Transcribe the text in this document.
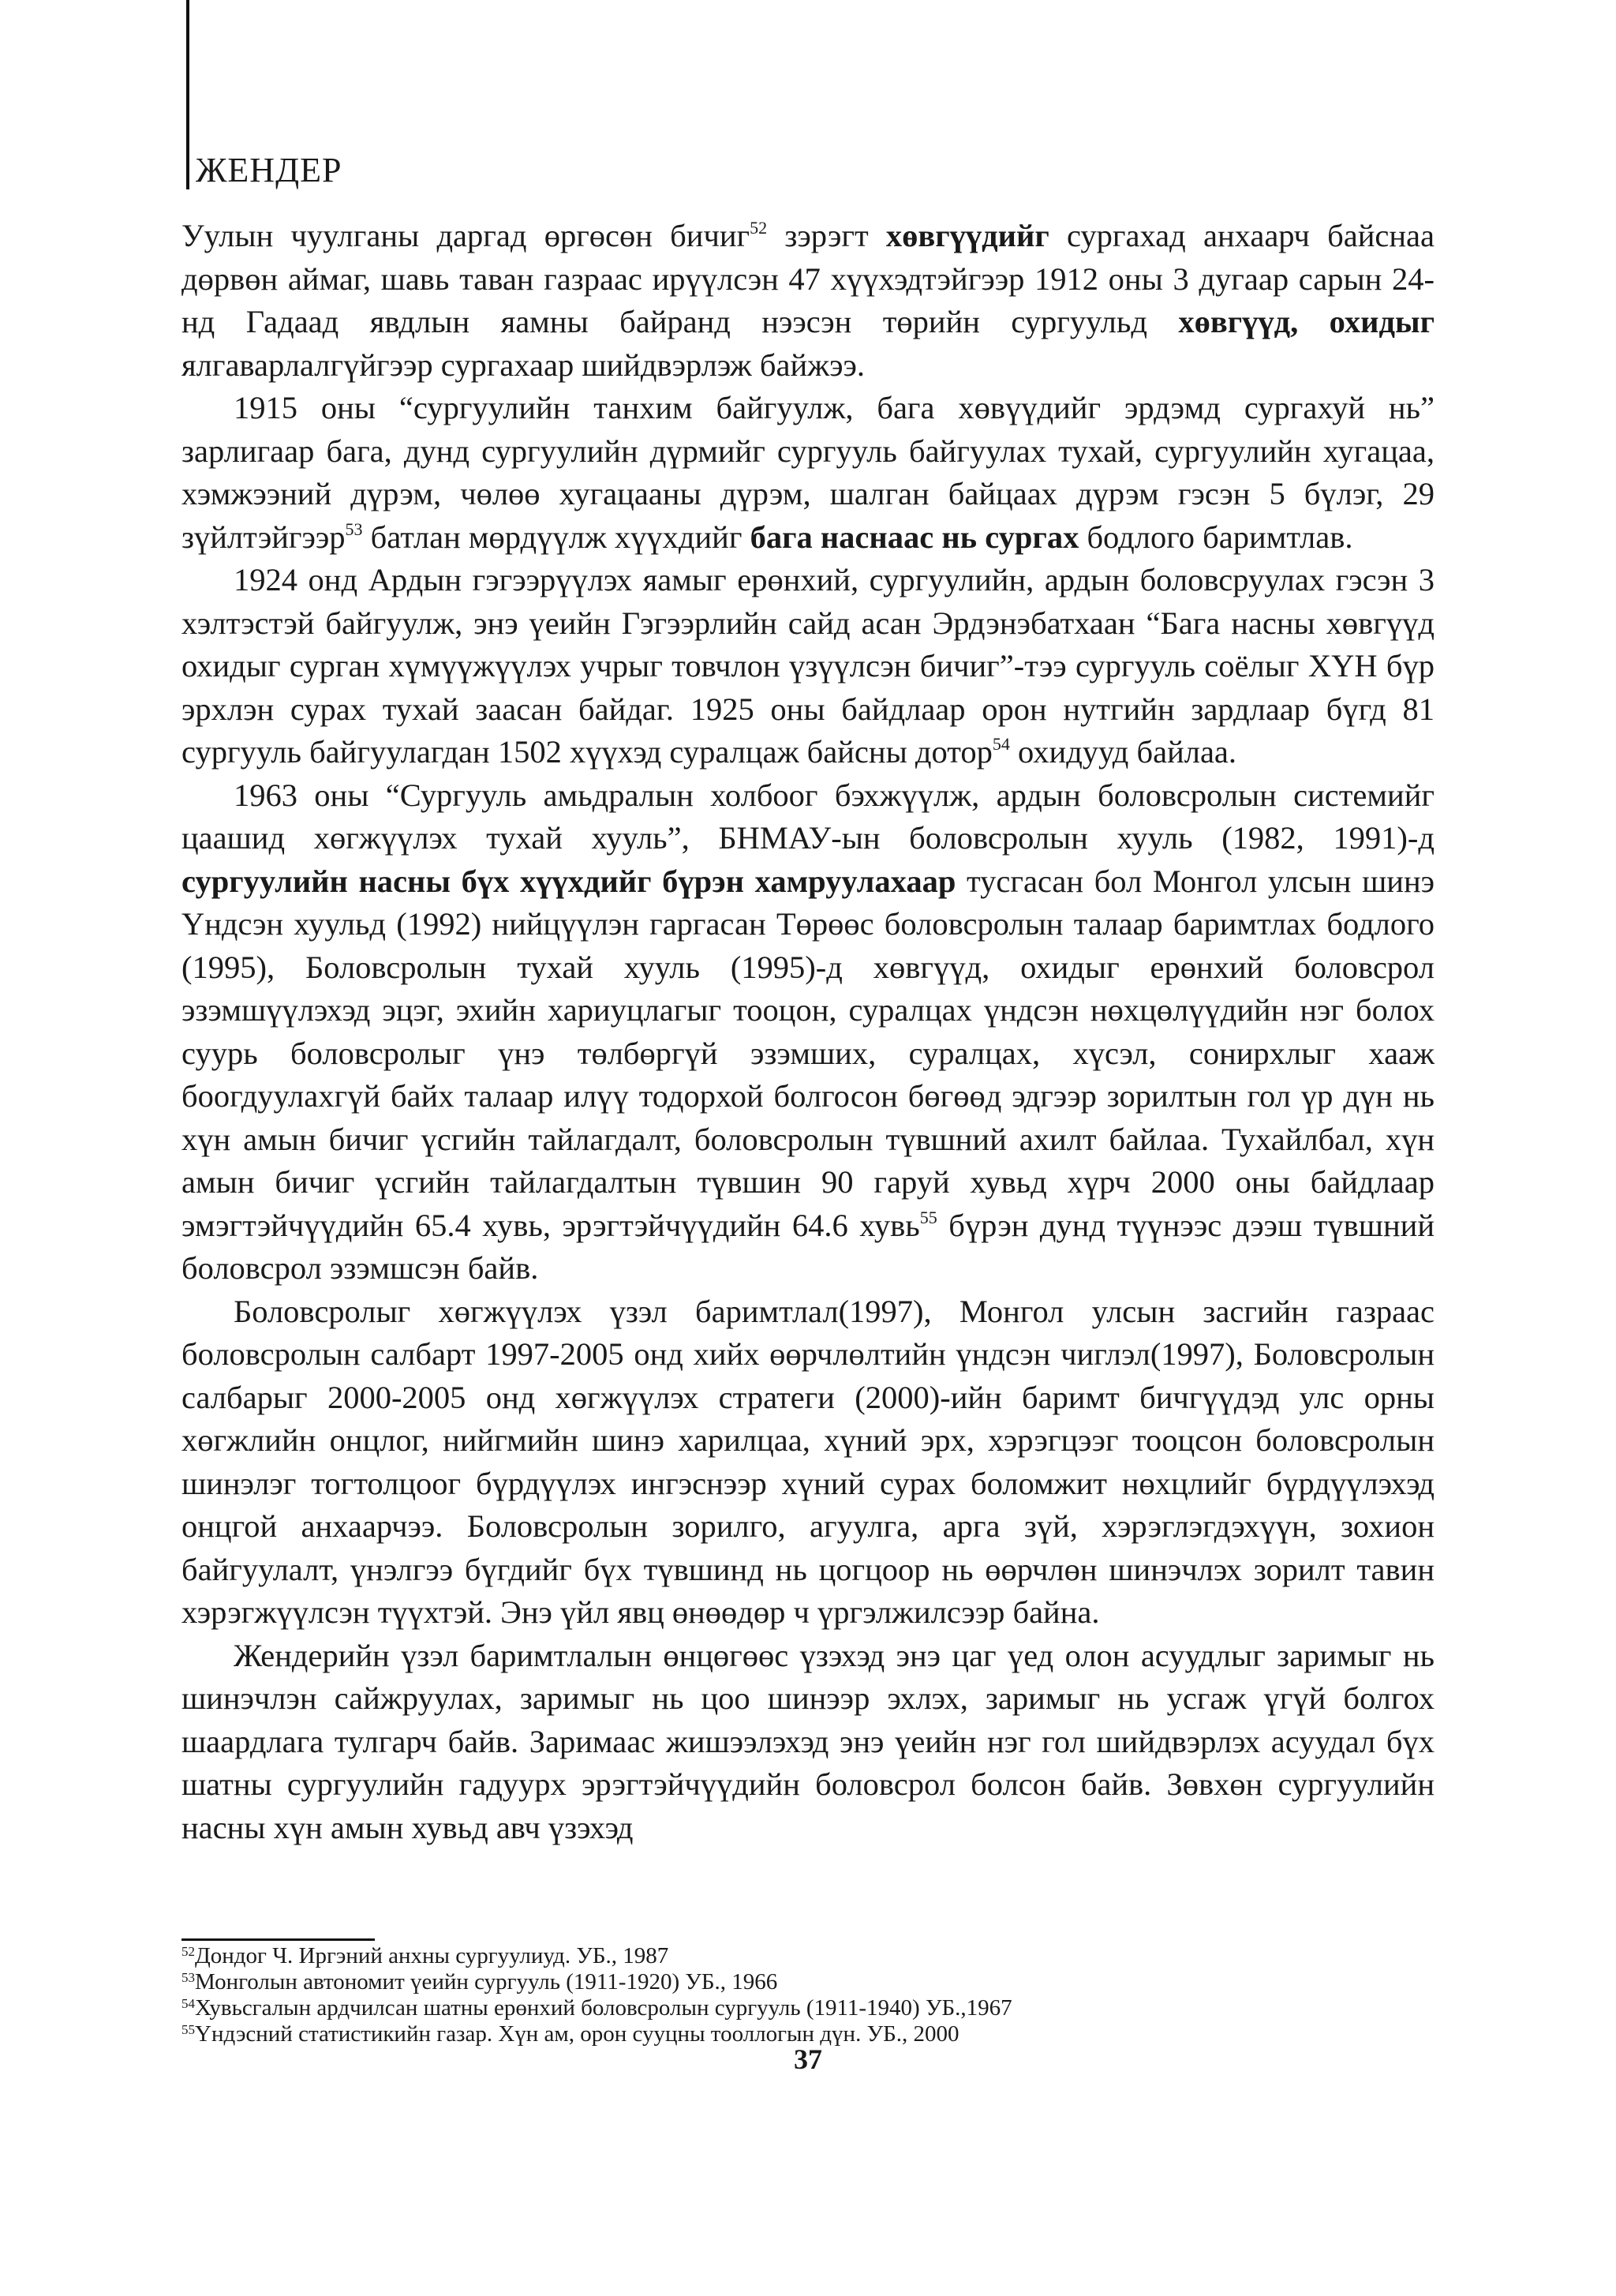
ЖЕНДЕР

Уулын чуулганы даргад өргөсөн бичиг$^{52}$ зэрэгт хөвгүүдийг сургахад анхаарч байснаа дөрвөн аймаг, шавь таван газраас ирүүлсэн 47 хүүхэдтэйгээр 1912 оны 3 дугаар сарын 24-нд Гадаад явдлын яамны байранд нээсэн төрийн сургуульд хөвгүүд, охидыг ялгаварлалгүйгээр сургахаар шийдвэрлэж байжээ.

1915 оны “сургуулийн танхим байгуулж, бага хөвүүдийг эрдэмд сургахуй нь” зарлигаар бага, дунд сургуулийн дүрмийг сургууль байгуулах тухай, сургуулийн хугацаа, хэмжээний дүрэм, чөлөө хугацааны дүрэм, шалган байцаах дүрэм гэсэн 5 бүлэг, 29 зүйлтэйгээр$^{53}$ батлан мөрдүүлж хүүхдийг бага наснаас нь сургах бодлого баримтлав.

1924 онд Ардын гэгээрүүлэх яамыг ерөнхий, сургуулийн, ардын боловсруулах гэсэн 3 хэлтэстэй байгуулж, энэ үеийн Гэгээрлийн сайд асан Эрдэнэбатхаан “Бага насны хөвгүүд охидыг сурган хүмүүжүүлэх учрыг товчлон үзүүлсэн бичиг”-тээ сургууль соёлыг ХҮН бүр эрхлэн сурах тухай заасан байдаг. 1925 оны байдлаар орон нутгийн зардлаар бүгд 81 сургууль байгуулагдан 1502 хүүхэд суралцаж байсны дотор$^{54}$ охидууд байлаа.

1963 оны “Сургууль амьдралын холбоог бэхжүүлж, ардын боловсролын системийг цаашид хөгжүүлэх тухай хууль”, БНМАУ-ын боловсролын хууль (1982, 1991)-д сургуулийн насны бүх хүүхдийг бүрэн хамруулахаар тусгасан бол Монгол улсын шинэ Үндсэн хуульд (1992) нийцүүлэн гаргасан Төрөөс боловсролын талаар баримтлах бодлого (1995), Боловсролын тухай хууль (1995)-д хөвгүүд, охидыг ерөнхий боловсрол эзэмшүүлэхэд эцэг, эхийн хариуцлагыг тооцон, суралцах үндсэн нөхцөлүүдийн нэг болох суурь боловсролыг үнэ төлбөргүй эзэмших, суралцах, хүсэл, сонирхлыг хааж боогдуулахгүй байх талаар илүү тодорхой болгосон бөгөөд эдгээр зорилтын гол үр дүн нь хүн амын бичиг үсгийн тайлагдалт, боловсролын түвшний ахилт байлаа. Тухайлбал, хүн амын бичиг үсгийн тайлагдалтын түвшин 90 гаруй хувьд хүрч 2000 оны байдлаар эмэгтэйчүүдийн 65.4 хувь, эрэгтэйчүүдийн 64.6 хувь$^{55}$ бүрэн дунд түүнээс дээш түвшний боловсрол эзэмшсэн байв.

Боловсролыг хөгжүүлэх үзэл баримтлал(1997), Монгол улсын засгийн газраас боловсролын салбарт 1997-2005 онд хийх өөрчлөлтийн үндсэн чиглэл(1997), Боловсролын салбарыг 2000-2005 онд хөгжүүлэх стратеги (2000)-ийн баримт бичгүүдэд улс орны хөгжлийн онцлог, нийгмийн шинэ харилцаа, хүний эрх, хэрэгцээг тооцсон боловсролын шинэлэг тогтолцоог бүрдүүлэх ингэснээр хүний сурах боломжит нөхцлийг бүрдүүлэхэд онцгой анхаарчээ. Боловсролын зорилго, агуулга, арга зүй, хэрэглэгдэхүүн, зохион байгуулалт, үнэлгээ бүгдийг бүх түвшинд нь цогцоор нь өөрчлөн шинэчлэх зорилт тавин хэрэгжүүлсэн түүхтэй. Энэ үйл явц өнөөдөр ч үргэлжилсээр байна.

Жендерийн үзэл баримтлалын өнцөгөөс үзэхэд энэ цаг үед олон асуудлыг заримыг нь шинэчлэн сайжруулах, заримыг нь цоо шинээр эхлэх, заримыг нь усгаж үгүй болгох шаардлага тулгарч байв. Заримаас жишээлэхэд энэ үеийн нэг гол шийдвэрлэх асуудал бүх шатны сургуулийн гадуурх эрэгтэйчүүдийн боловсрол болсон байв. Зөвхөн сургуулийн насны хүн амын хувьд авч үзэхэд

$^{52}$Дондог Ч. Иргэний анхны сургуулиуд. УБ., 1987
$^{53}$Монголын автономит үеийн сургууль (1911-1920) УБ., 1966
$^{54}$Хувьсгалын ардчилсан шатны ерөнхий боловсролын сургууль (1911-1940) УБ.,1967
$^{55}$Үндэсний статистикийн газар. Хүн ам, орон сууцны тооллогын дүн. УБ., 2000
37
